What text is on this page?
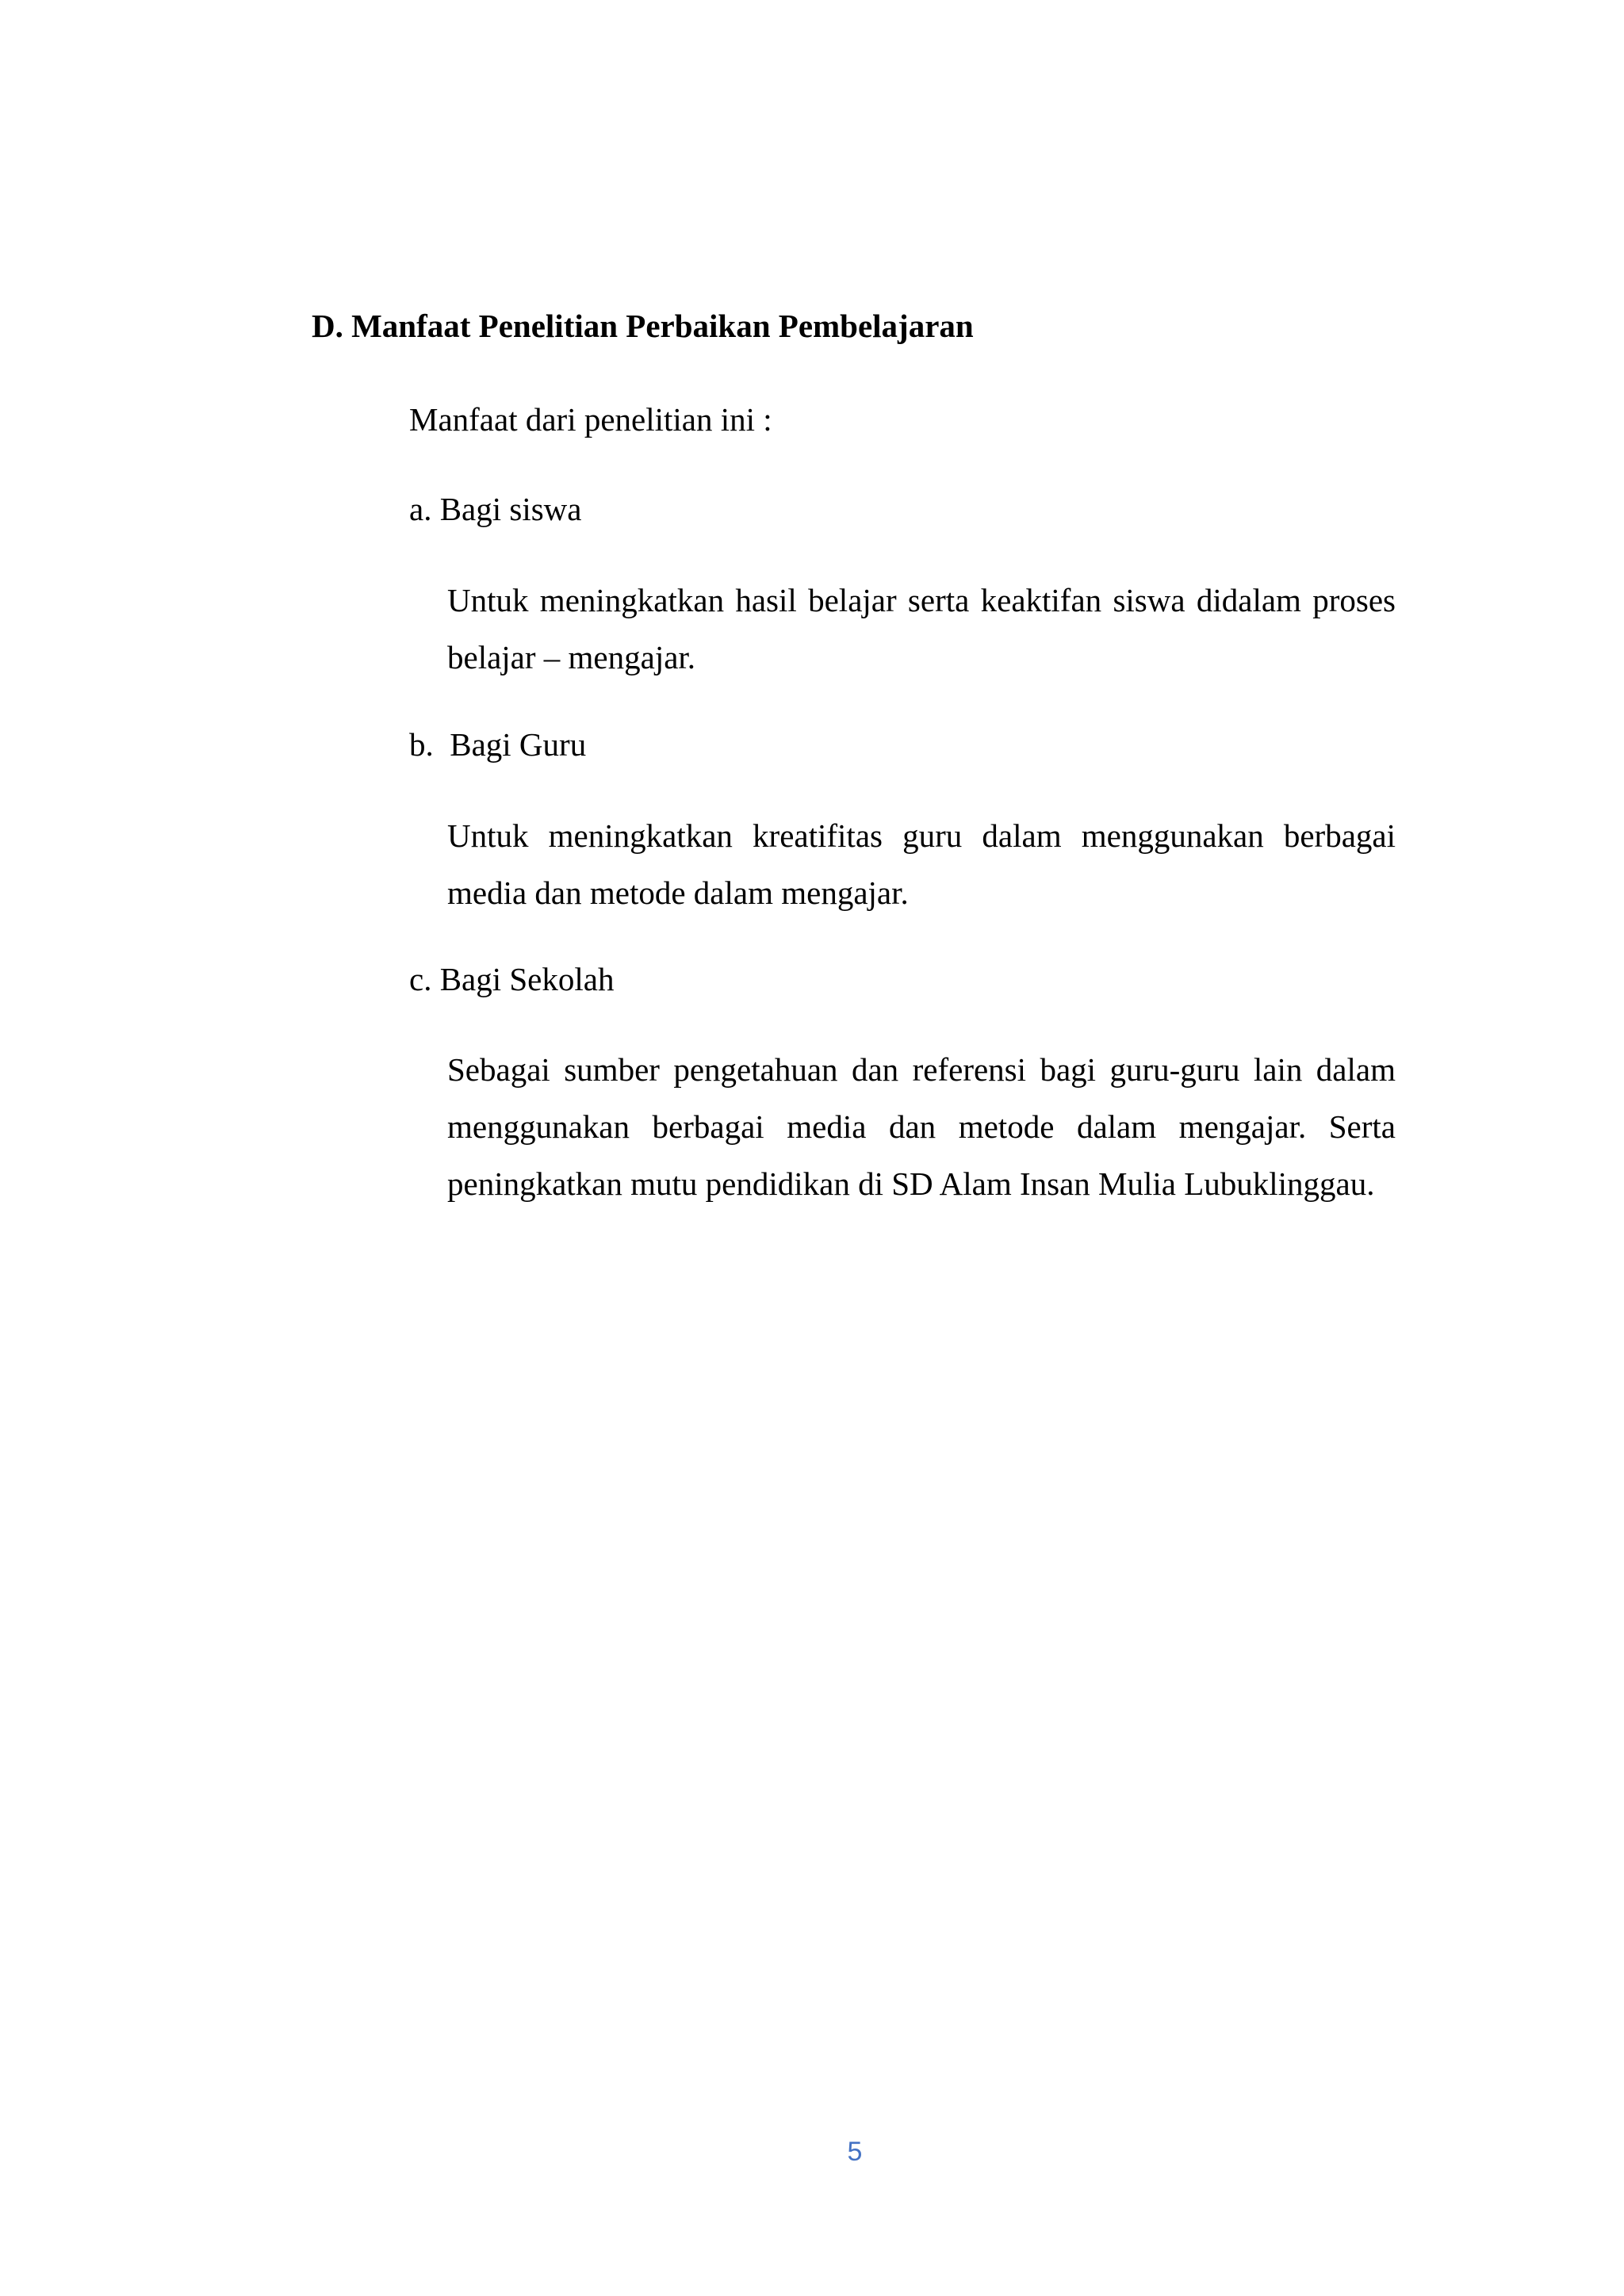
D. Manfaat Penelitian Perbaikan Pembelajaran

Manfaat dari penelitian ini :

a. Bagi siswa

Untuk meningkatkan hasil belajar serta keaktifan siswa didalam proses belajar – mengajar.

b.  Bagi Guru

Untuk meningkatkan kreatifitas guru dalam menggunakan berbagai media dan metode dalam mengajar.

c. Bagi Sekolah

Sebagai sumber pengetahuan dan referensi bagi guru-guru lain dalam menggunakan berbagai media dan metode dalam mengajar. Serta peningkatkan mutu pendidikan di SD Alam Insan Mulia Lubuklinggau.

5
